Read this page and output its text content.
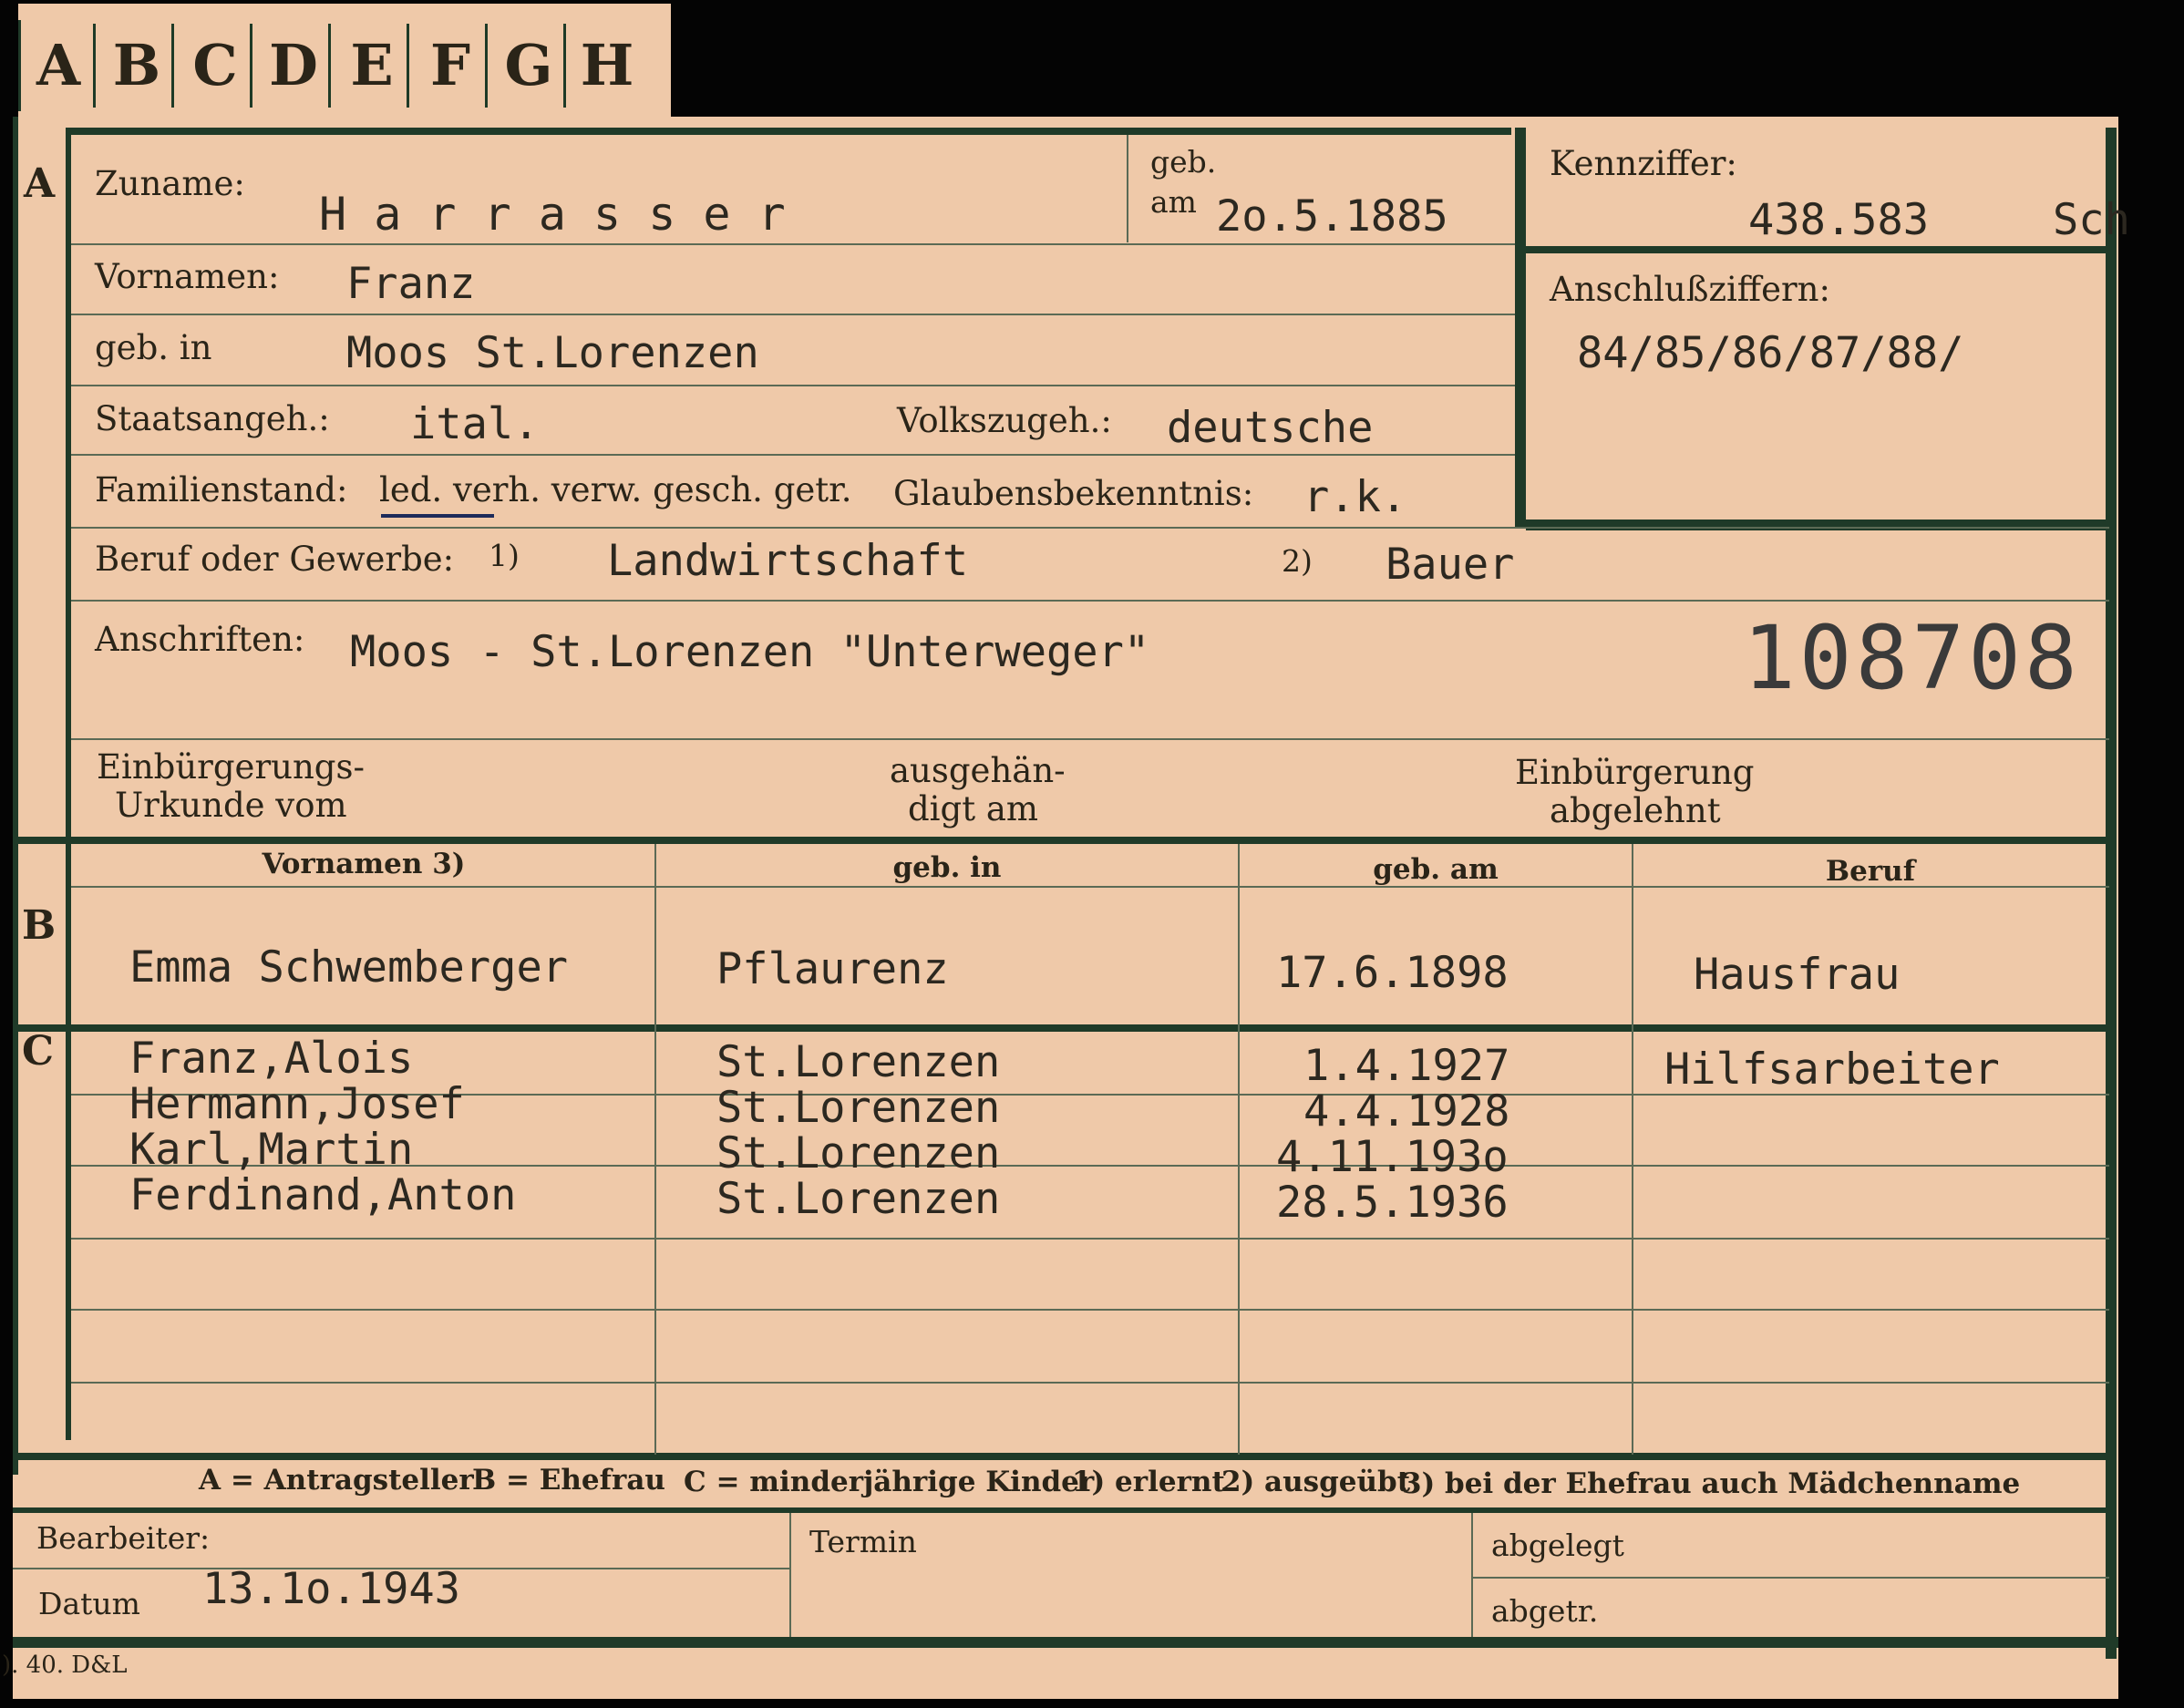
A B C D E F G H
A
B
C
Zuname:
H a r r a s s e r
geb.
am 2o.5.1885
Kennziffer:
438.583	Sch
Vornamen: Franz	Anschlußziffern:
84/85/86/87/88/
geb. in	Moos St.Lorenzen
Staatsangeh.: ital.	Volkszugeh.: deutsche
Familienstand: led. verh. verw. gesch. getr. Glaubensbekenntnis: r.k.
Beruf oder Gewerbe: 1) Landwirtschaft	2) Bauer
Anschriften: Moos - St.Lorenzen "Unterweger"	108708
Einbürgerungs-
Urkunde vom
ausgehän-
digt am
Einbürgerung
abgelehnt
Vornamen 3)	geb. in	geb. am	Beruf
Emma Schwemberger	Pflaurenz	17.6.1898	Hausfrau
Franz,Alois	St.Lorenzen	1.4.1927	Hilfsarbeiter
Hermann,Josef	St.Lorenzen	4.4.1928
Karl,Martin	St.Lorenzen	4.11.193o
Ferdinand,Anton	St.Lorenzen	28.5.1936
A = Antragsteller
B = Ehefrau C = minderjährige Kinder
1) erlernt
2) ausgeübt
3) bei der Ehefrau auch Mädchenname
Bearbeiter:
Datum 13.1o.1943
Termin	abgelegt
abgetr.
). 40. D&L
